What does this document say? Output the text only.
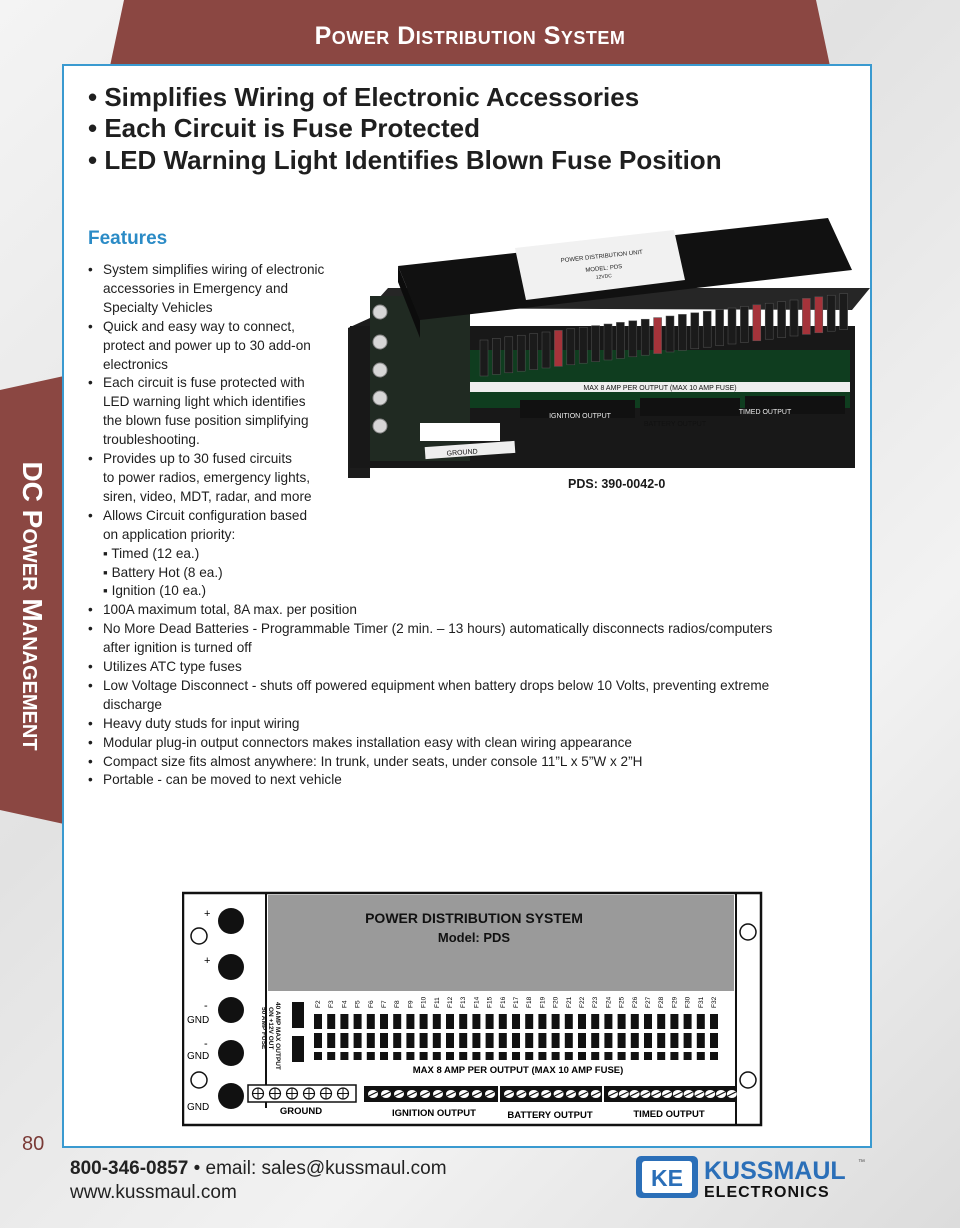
Power Distribution System
DC Power Management
• Simplifies Wiring of Electronic Accessories
• Each Circuit is Fuse Protected
• LED Warning Light Identifies Blown Fuse Position
Features
• System simplifies wiring of electronic
accessories in Emergency and
Specialty Vehicles
• Quick and easy way to connect,
protect and power up to 30 add-on
electronics
• Each circuit is fuse protected with
LED warning light which identifies
the blown fuse position simplifying
troubleshooting.
• Provides up to 30 fused circuits
to power radios, emergency lights,
siren, video, MDT, radar, and more
• Allows Circuit configuration based
on application priority:
▪ Timed (12 ea.)
▪ Battery Hot (8 ea.)
▪ Ignition (10 ea.)
• 100A maximum total, 8A max. per position
• No More Dead Batteries - Programmable Timer (2 min. – 13 hours) automatically disconnects radios/computers
after ignition is turned off
• Utilizes ATC type fuses
• Low Voltage Disconnect - shuts off powered equipment when battery drops below 10 Volts, preventing extreme
discharge
• Heavy duty studs for input wiring
• Modular plug-in output connectors makes installation easy with clean wiring appearance
• Compact size fits almost anywhere: In trunk, under seats, under console 11”L x 5”W x 2”H
• Portable - can be moved to next vehicle
MAX 8 AMP PER OUTPUT (MAX 10 AMP FUSE)
GROUND
IGNITION OUTPUT
BATTERY OUTPUT
TIMED OUTPUT
POWER DISTRIBUTION UNIT
MODEL: PDS
12VDC
PDS: 390-0042-0
POWER DISTRIBUTION SYSTEM
Model: PDS
+
+
-
GND
-
GND
GND
40 AMP MAX OUTPUT
ON +12V OUT
50 AMP FUSE
F2 F3 F4 F5 F6 F7 F8 F9 F10 F11 F12 F13 F14 F15 F16 F17 F18 F19 F20 F21 F22 F23 F24 F25 F26 F27 F28 F29 F30 F31 F32
MAX 8 AMP PER OUTPUT (MAX 10 AMP FUSE)
GROUND	IGNITION OUTPUT	BATTERY OUTPUT	TIMED OUTPUT
80
800-346-0857 • email: sales@kussmaul.com
www.kussmaul.com
KE KUSSMAUL ™
ELECTRONICS
